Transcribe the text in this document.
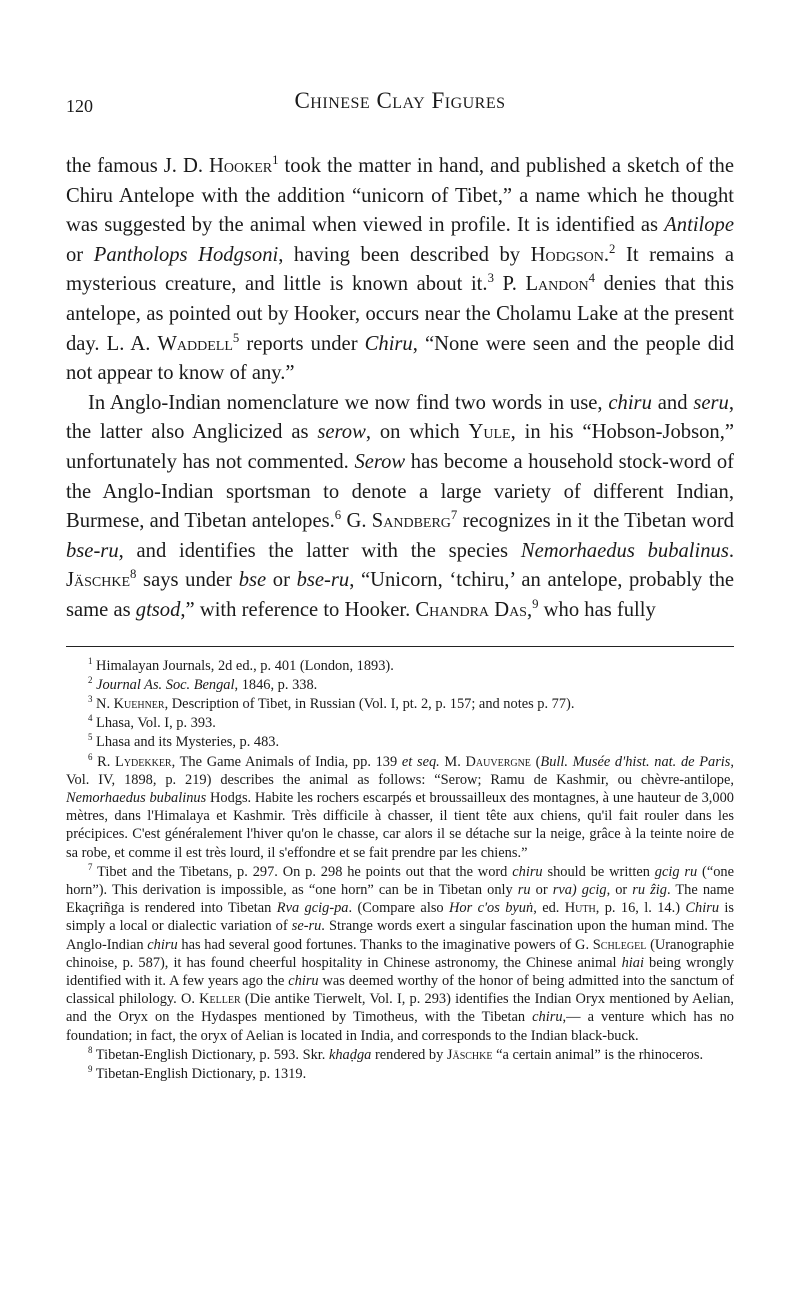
120	Chinese Clay Figures

the famous J. D. Hooker$^1$ took the matter in hand, and published a sketch of the Chiru Antelope with the addition “unicorn of Tibet,” a name which he thought was suggested by the animal when viewed in profile. It is identified as Antilope or Pantholops Hodgsoni, having been described by Hodgson.$^2$ It remains a mysterious creature, and little is known about it.$^3$ P. Landon$^4$ denies that this antelope, as pointed out by Hooker, occurs near the Cholamu Lake at the present day. L. A. Waddell$^5$ reports under Chiru, “None were seen and the people did not appear to know of any.”

In Anglo-Indian nomenclature we now find two words in use, chiru and seru, the latter also Anglicized as serow, on which Yule, in his “Hobson-Jobson,” unfortunately has not commented. Serow has become a household stock-word of the Anglo-Indian sportsman to denote a large variety of different Indian, Burmese, and Tibetan antelopes.$^6$ G. Sandberg$^7$ recognizes in it the Tibetan word bse-ru, and identifies the latter with the species Nemorhaedus bubalinus. Jäschke$^8$ says under bse or bse-ru, “Unicorn, ‘tchiru,’ an antelope, probably the same as gtsod,” with reference to Hooker. Chandra Das,$^9$ who has fully

$^1$ Himalayan Journals, 2d ed., p. 401 (London, 1893).

$^2$ Journal As. Soc. Bengal, 1846, p. 338.

$^3$ N. Kuehner, Description of Tibet, in Russian (Vol. I, pt. 2, p. 157; and notes p. 77).

$^4$ Lhasa, Vol. I, p. 393.

$^5$ Lhasa and its Mysteries, p. 483.

$^6$ R. Lydekker, The Game Animals of India, pp. 139 et seq. M. Dauvergne (Bull. Musée d'hist. nat. de Paris, Vol. IV, 1898, p. 219) describes the animal as follows: “Serow; Ramu de Kashmir, ou chèvre-antilope, Nemorhaedus bubalinus Hodgs. Habite les rochers escarpés et broussailleux des montagnes, à une hauteur de 3,000 mètres, dans l'Himalaya et Kashmir. Très difficile à chasser, il tient tête aux chiens, qu'il fait rouler dans les précipices. C'est généralement l'hiver qu'on le chasse, car alors il se détache sur la neige, grâce à la teinte noire de sa robe, et comme il est très lourd, il s'effondre et se fait prendre par les chiens.”

$^7$ Tibet and the Tibetans, p. 297. On p. 298 he points out that the word chiru should be written gcig ru (“one horn”). This derivation is impossible, as “one horn” can be in Tibetan only ru or rva) gcig, or ru ẑig. The name Ekaçriñga is rendered into Tibetan Rva gcig-pa. (Compare also Hor c'os byuṅ, ed. Huth, p. 16, l. 14.) Chiru is simply a local or dialectic variation of se-ru. Strange words exert a singular fascination upon the human mind. The Anglo-Indian chiru has had several good fortunes. Thanks to the imaginative powers of G. Schlegel (Uranographie chinoise, p. 587), it has found cheerful hospitality in Chinese astronomy, the Chinese animal hiai being wrongly identified with it. A few years ago the chiru was deemed worthy of the honor of being admitted into the sanctum of classical philology. O. Keller (Die antike Tierwelt, Vol. I, p. 293) identifies the Indian Oryx mentioned by Aelian, and the Oryx on the Hydaspes mentioned by Timotheus, with the Tibetan chiru,— a venture which has no foundation; in fact, the oryx of Aelian is located in India, and corresponds to the Indian black-buck.

$^8$ Tibetan-English Dictionary, p. 593. Skr. khaḍga rendered by Jäschke “a certain animal” is the rhinoceros.

$^9$ Tibetan-English Dictionary, p. 1319.
